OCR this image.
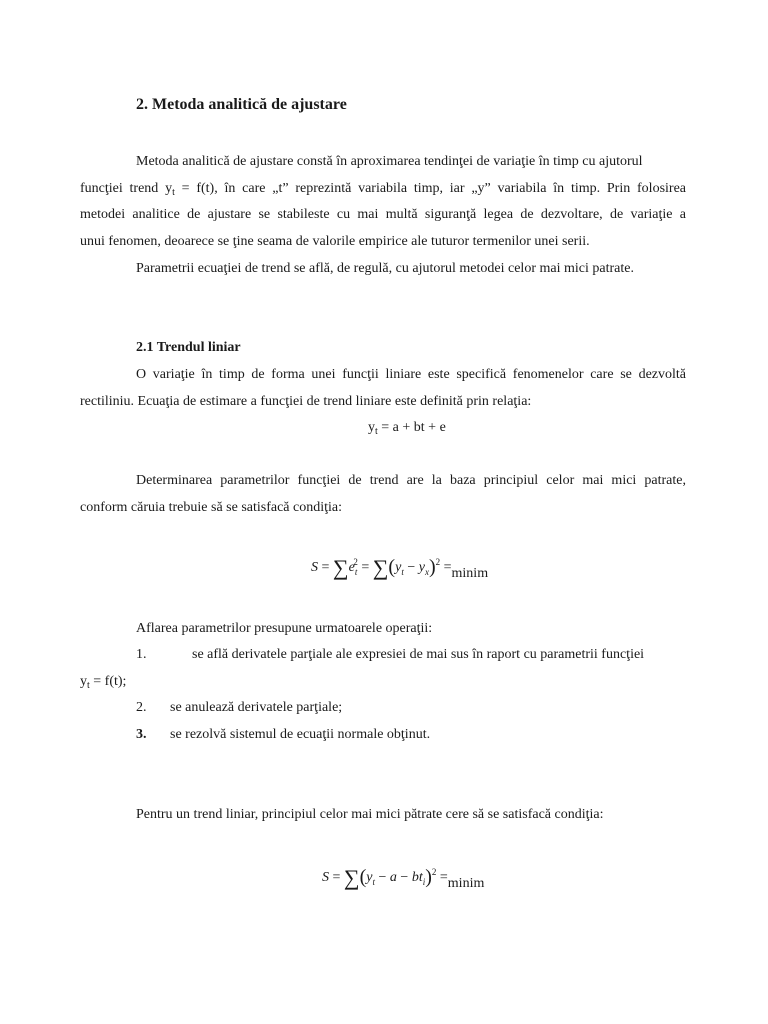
2. Metoda analitică de ajustare
Metoda analitică de ajustare constă în aproximarea tendinţei de variaţie în timp cu ajutorul
funcţiei trend $y_t = f(t)$, în care „t” reprezintă variabila timp, iar „y” variabila în timp. Prin folosirea
metodei analitice de ajustare se stabileste cu mai multă siguranţă legea de dezvoltare, de variaţie a
unui fenomen, deoarece se ţine seama de valorile empirice ale tuturor termenilor unei serii.
Parametrii ecuaţiei de trend se află, de regulă, cu ajutorul metodei celor mai mici patrate.
2.1 Trendul liniar
O variaţie în timp de forma unei funcţii liniare este specifică fenomenelor care se dezvoltă
rectiliniu. Ecuaţia de estimare a funcţiei de trend liniare este definită prin relaţia:
$y_t = a$ + bt + e
Determinarea parametrilor funcţiei de trend are la baza principiul celor mai mici patrate,
conform căruia trebuie să se satisfacă condiţia:
$S = \sum e_t^2 = \sum(y_t - y_x)^2$ =minim
Aflarea parametrilor presupune urmatoarele operaţii:
1.	se află derivatele parţiale ale expresiei de mai sus în raport cu parametrii funcţiei
$y_t = f(t)$;
2. se anulează derivatele parţiale;
3. se rezolvă sistemul de ecuaţii normale obţinut.
Pentru un trend liniar, principiul celor mai mici pătrate cere să se satisfacă condiţia:
$S = \sum(y_t - a - bt_i)^2$ =minim
